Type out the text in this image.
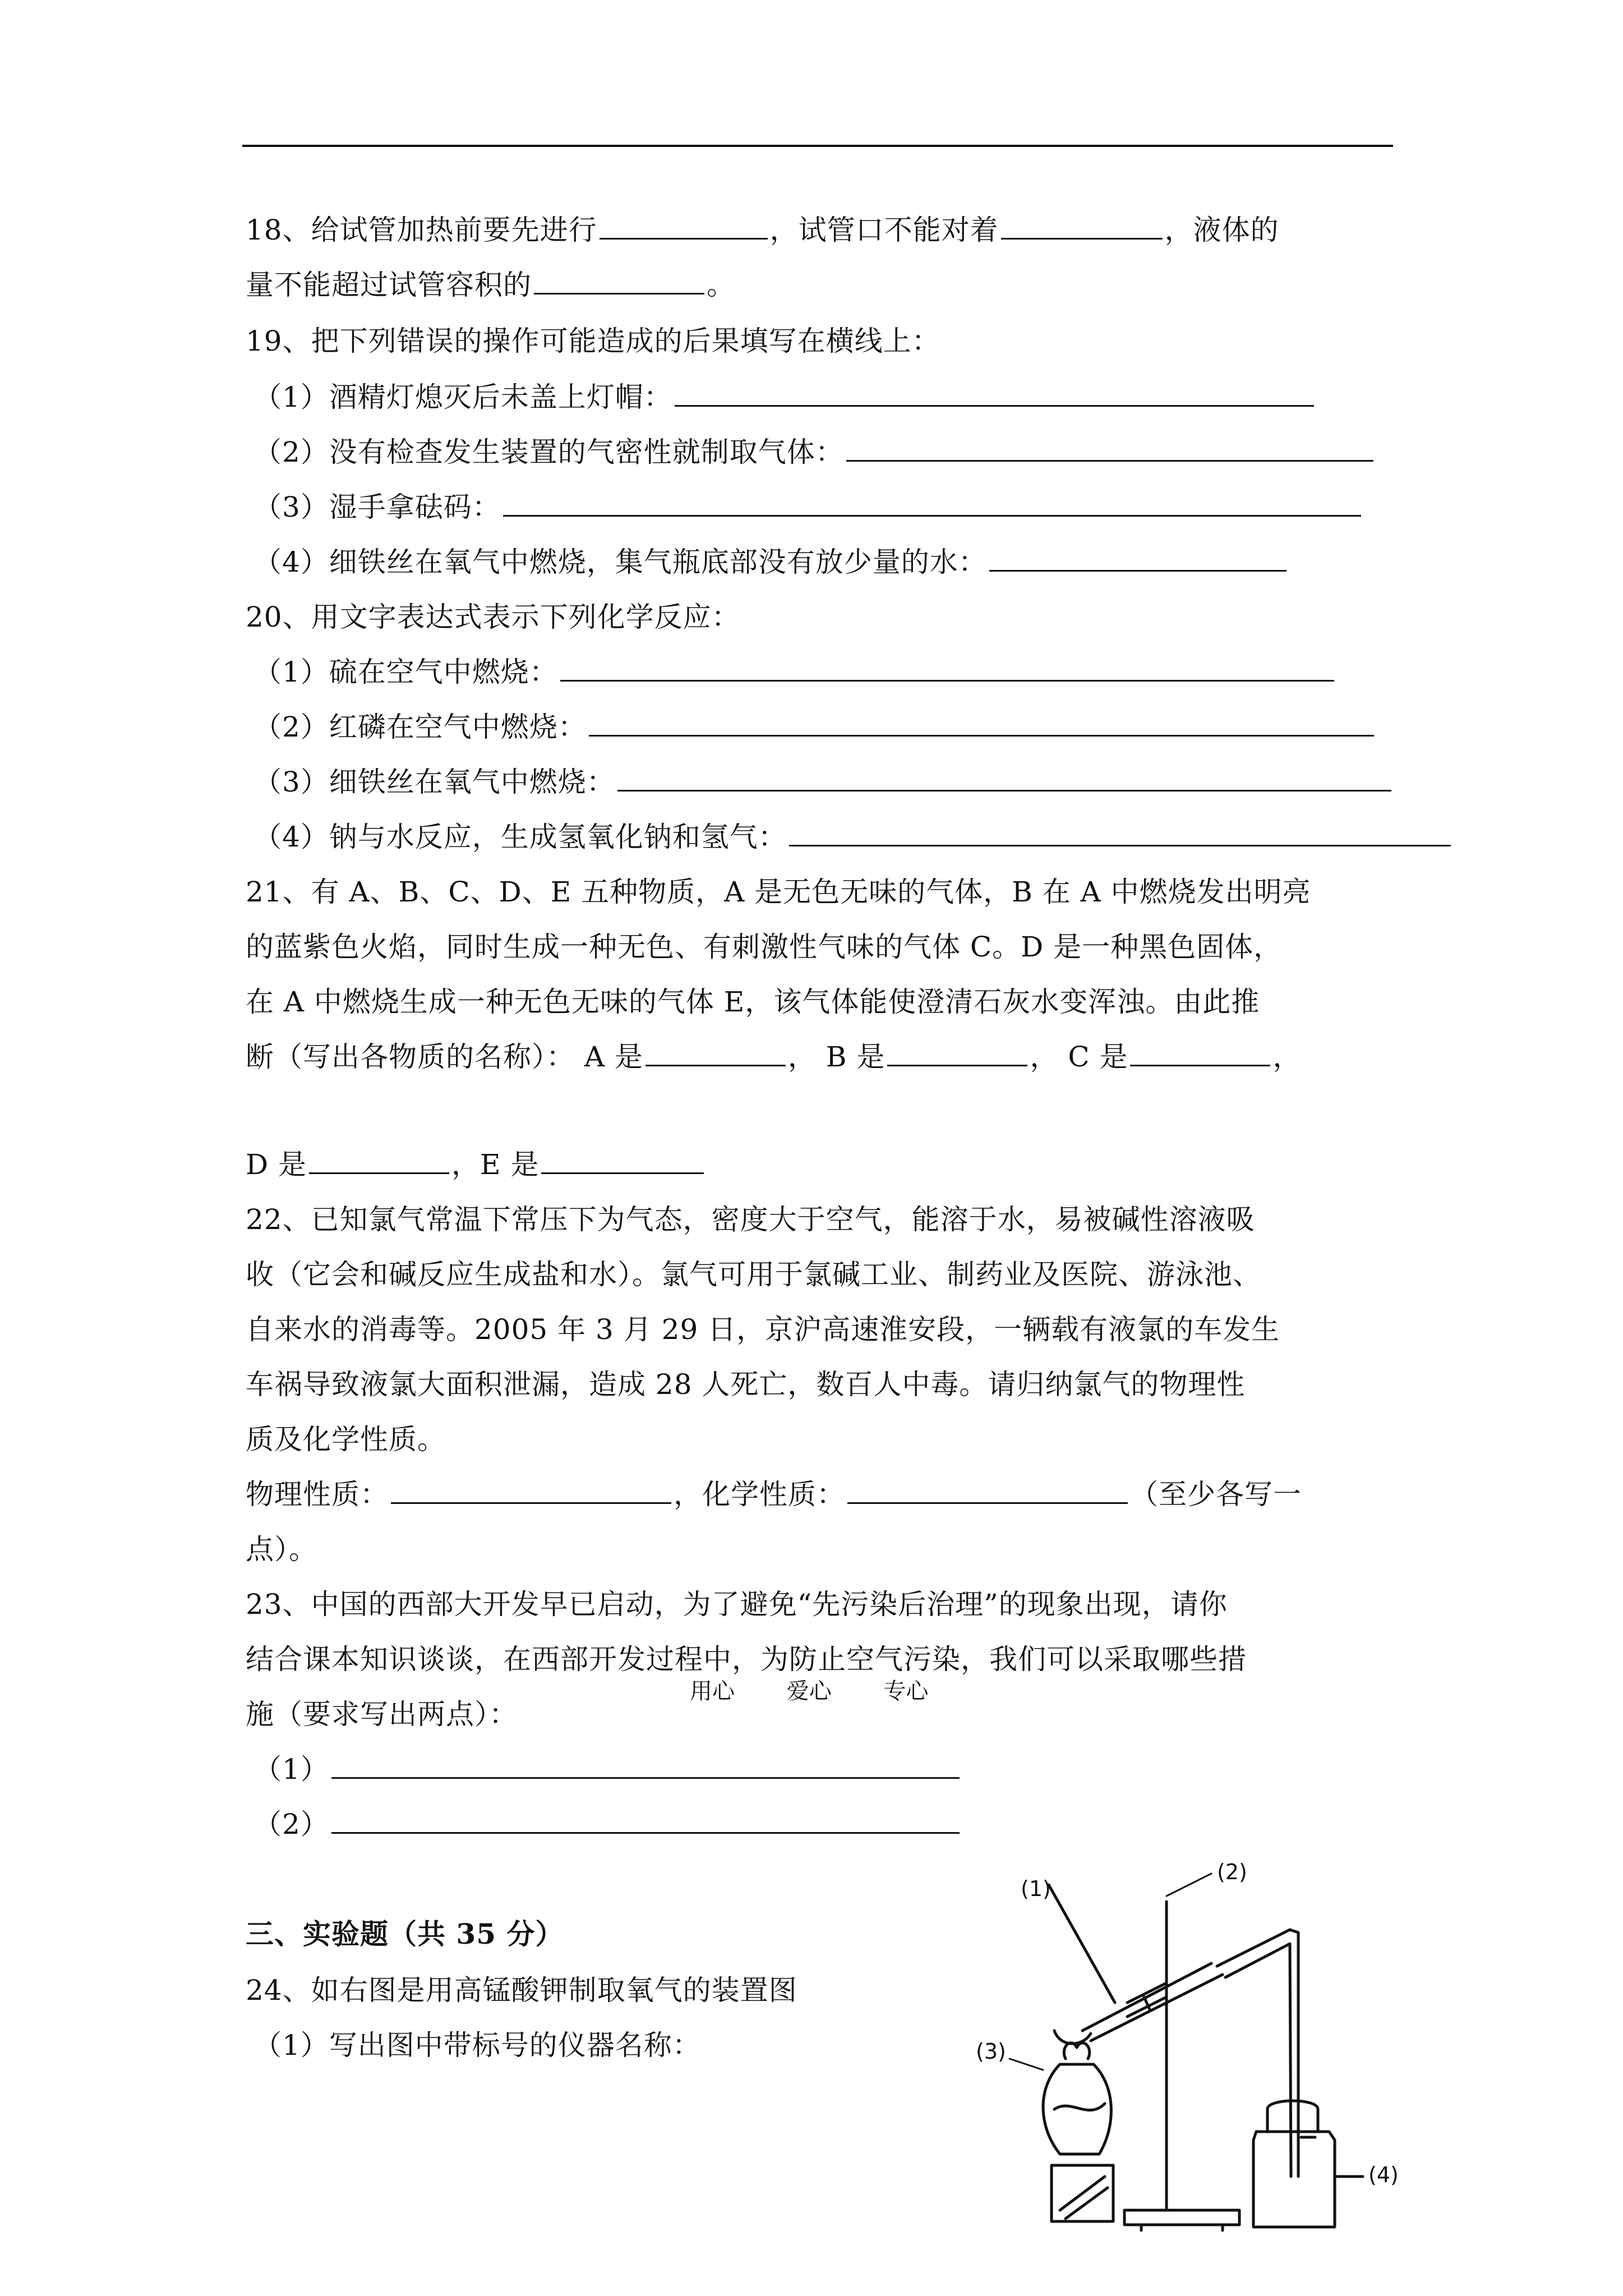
18、给试管加热前要先进行	，试管口不能对着	，液体的
量不能超过试管容积的	。
19、把下列错误的操作可能造成的后果填写在横线上：
（1）酒精灯熄灭后未盖上灯帽：
（2）没有检查发生装置的气密性就制取气体：
（3）湿手拿砝码：
（4）细铁丝在氧气中燃烧，集气瓶底部没有放少量的水：
20、用文字表达式表示下列化学反应：
（1）硫在空气中燃烧：
（2）红磷在空气中燃烧：
（3）细铁丝在氧气中燃烧：
（4）钠与水反应，生成氢氧化钠和氢气：
21、有 A、B、C、D、E 五种物质，A 是无色无味的气体，B 在 A 中燃烧发出明亮
的蓝紫色火焰，同时生成一种无色、有刺激性气味的气体 C。D 是一种黑色固体，
在 A 中燃烧生成一种无色无味的气体 E，该气体能使澄清石灰水变浑浊。由此推
断（写出各物质的名称）： A 是	， B 是	， C 是	，
D 是	，E 是
22、已知氯气常温下常压下为气态，密度大于空气，能溶于水，易被碱性溶液吸
收（它会和碱反应生成盐和水）。氯气可用于氯碱工业、制药业及医院、游泳池、
自来水的消毒等。2005 年 3 月 29 日，京沪高速淮安段，一辆载有液氯的车发生
车祸导致液氯大面积泄漏，造成 28 人死亡，数百人中毒。请归纳氯气的物理性
质及化学性质。
物理性质：	，化学性质：	（至少各写一
点）。
23、中国的西部大开发早已启动，为了避免“先污染后治理”的现象出现，请你
结合课本知识谈谈，在西部开发过程中，为防止空气污染，我们可以采取哪些措
施（要求写出两点）：
（1）
（2）
三、实验题（共 35 分）
24、如右图是用高锰酸钾制取氧气的装置图
（1）写出图中带标号的仪器名称：
(2)
(1)
(3)
(4)
用心 爱心 专心
